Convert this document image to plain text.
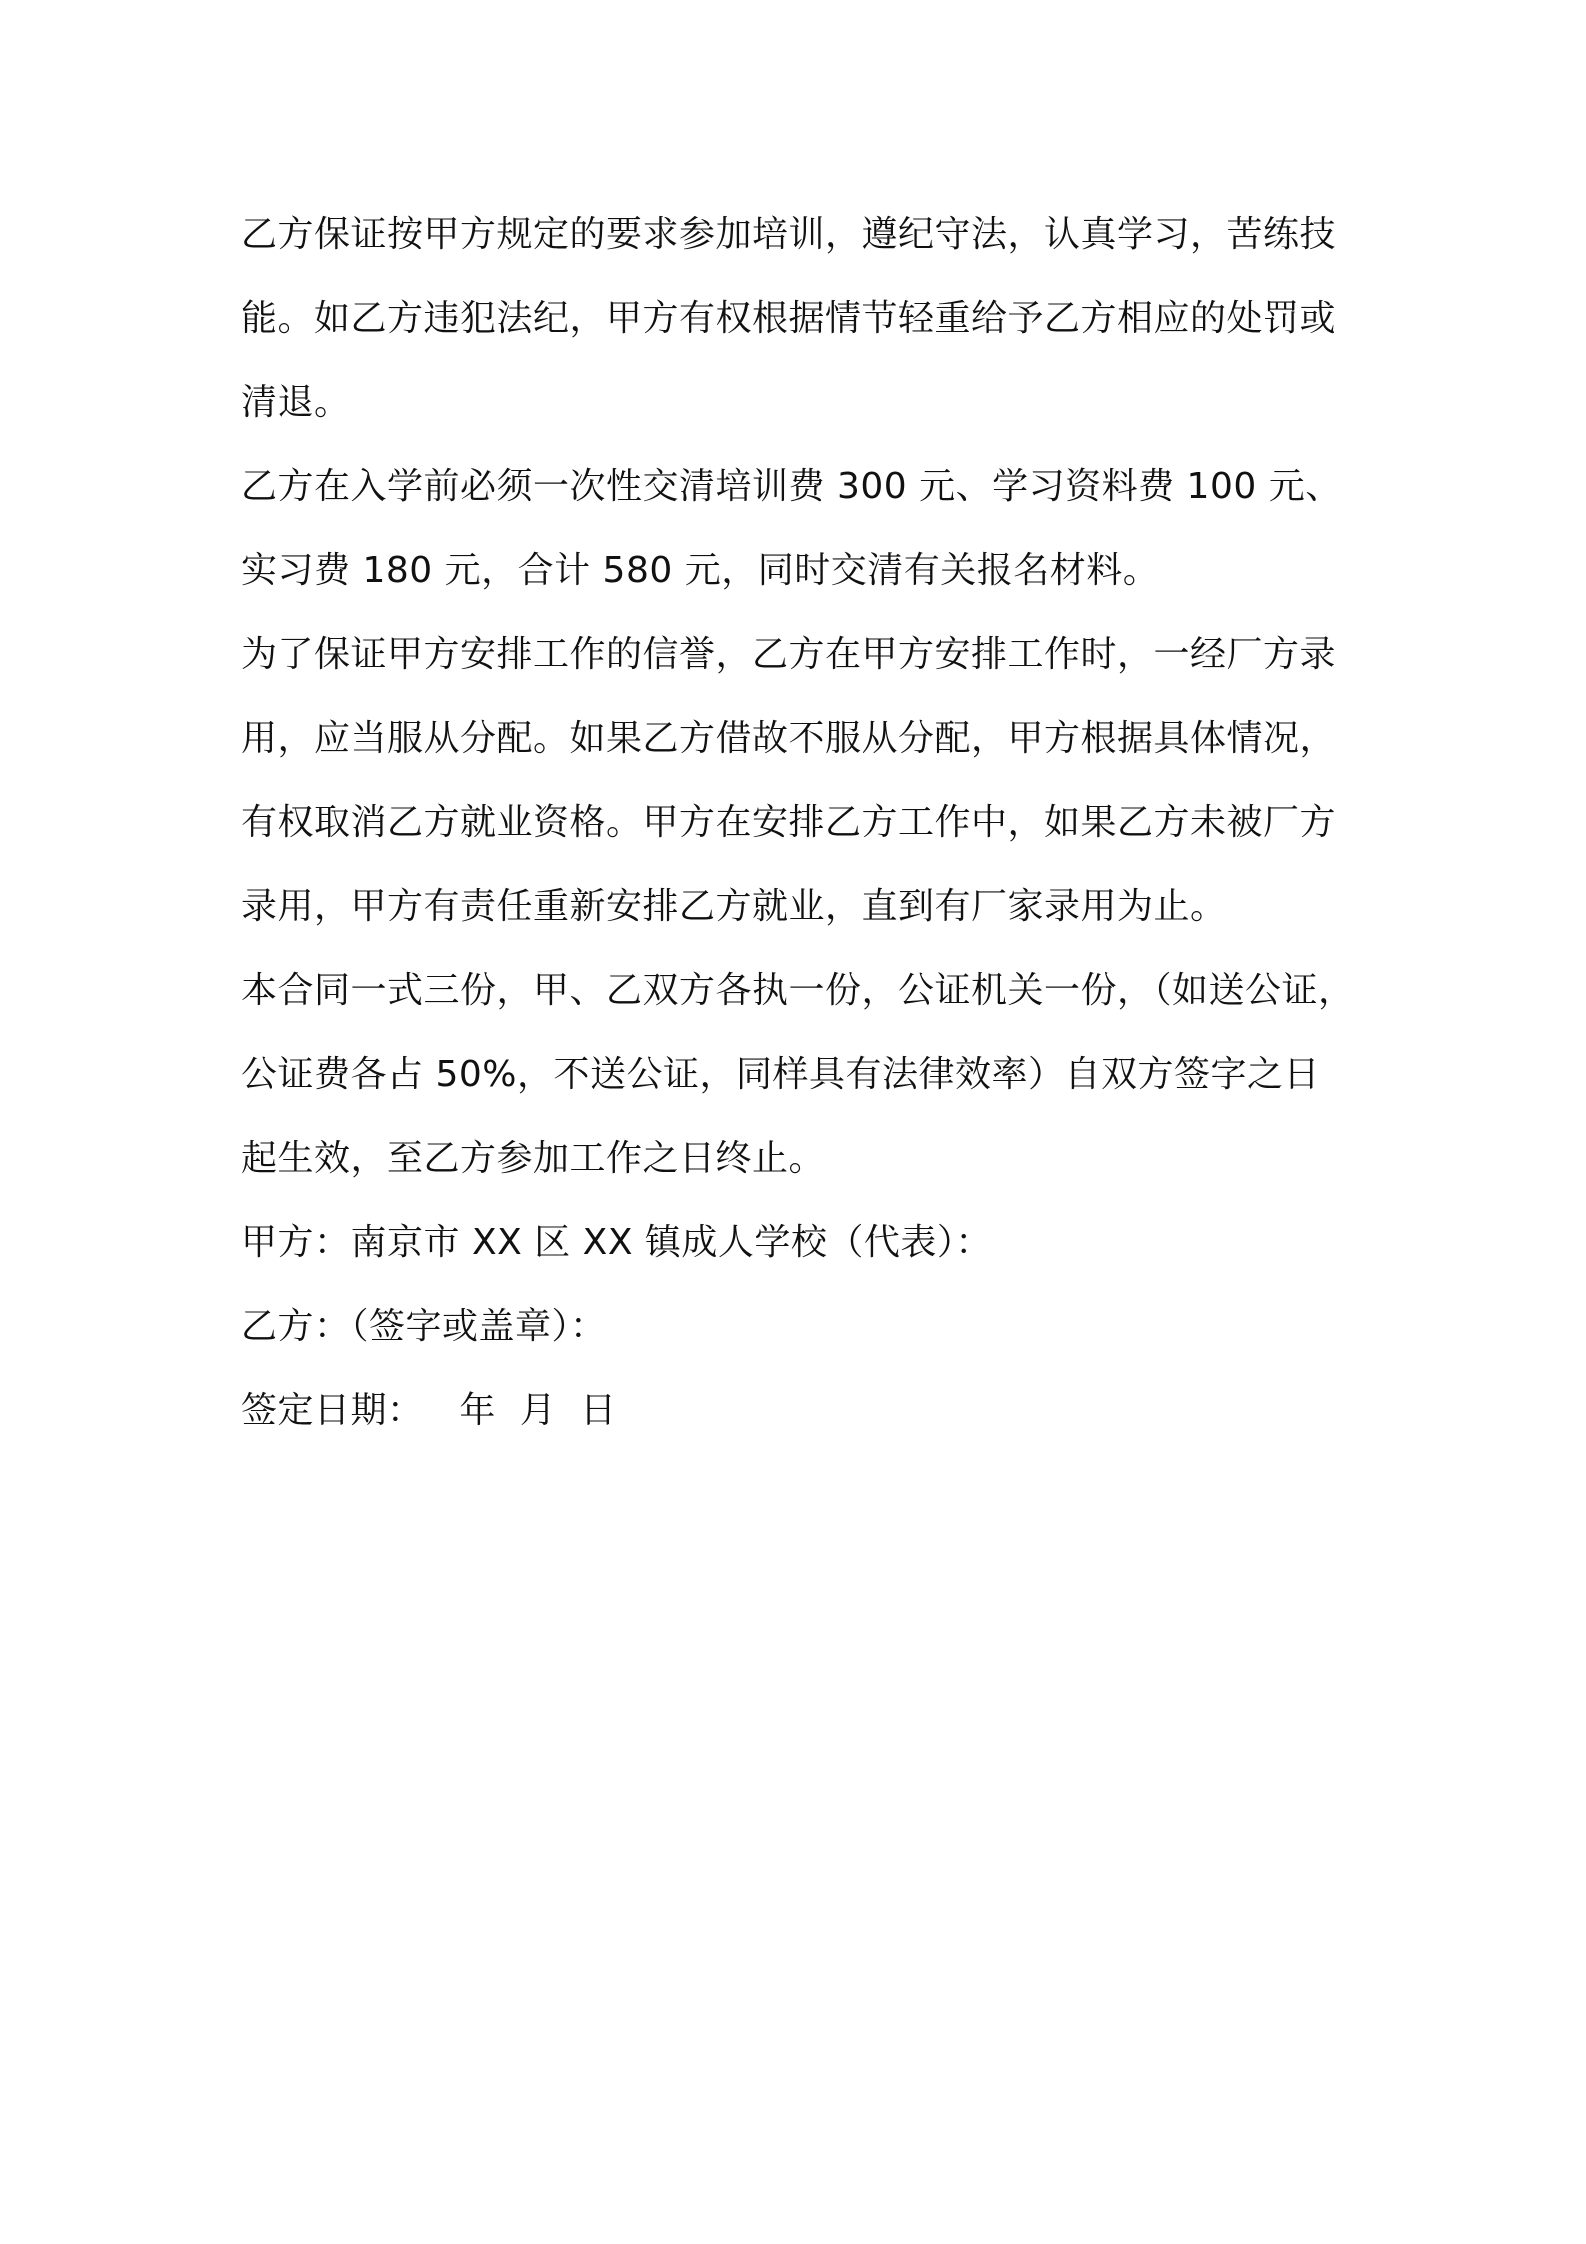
乙方保证按甲方规定的要求参加培训，遵纪守法，认真学习，苦练技
能。如乙方违犯法纪，甲方有权根据情节轻重给予乙方相应的处罚或
清退。

乙方在入学前必须一次性交清培训费 300 元、学习资料费 100 元、
实习费 180 元，合计 580 元，同时交清有关报名材料。

为了保证甲方安排工作的信誉，乙方在甲方安排工作时，一经厂方录
用，应当服从分配。如果乙方借故不服从分配，甲方根据具体情况，
有权取消乙方就业资格。甲方在安排乙方工作中，如果乙方未被厂方
录用，甲方有责任重新安排乙方就业，直到有厂家录用为止。

本合同一式三份，甲、乙双方各执一份，公证机关一份，（如送公证，
公证费各占 50%，不送公证，同样具有法律效率）自双方签字之日
起生效，至乙方参加工作之日终止。

甲方：南京市 XX 区 XX 镇成人学校（代表）：

乙方：（签字或盖章）：

签定日期：   年  月  日
